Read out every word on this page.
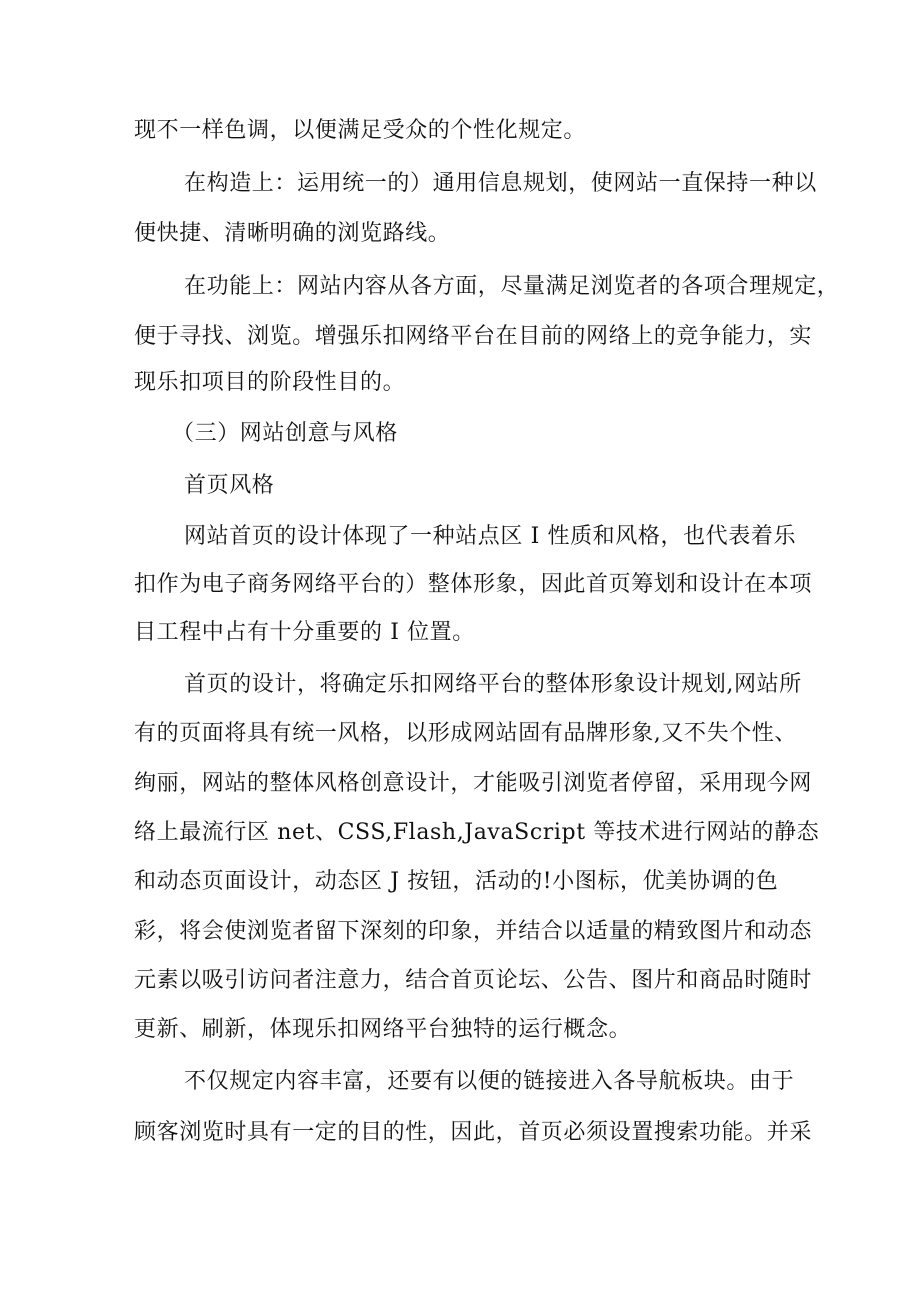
现不一样色调，以便满足受众的个性化规定。
在构造上：运用统一的）通用信息规划，使网站一直保持一种以
便快捷、清晰明确的浏览路线。
在功能上：网站内容从各方面，尽量满足浏览者的各项合理规定，
便于寻找、浏览。增强乐扣网络平台在目前的网络上的竞争能力，实
现乐扣项目的阶段性目的。
（三）网站创意与风格
首页风格
网站首页的设计体现了一种站点区 I 性质和风格，也代表着乐
扣作为电子商务网络平台的）整体形象，因此首页筹划和设计在本项
目工程中占有十分重要的 I 位置。
首页的设计，将确定乐扣网络平台的整体形象设计规划,网站所
有的页面将具有统一风格，以形成网站固有品牌形象,又不失个性、
绚丽，网站的整体风格创意设计，才能吸引浏览者停留，采用现今网
络上最流行区 net、CSS,Flash,JavaScript 等技术进行网站的静态
和动态页面设计，动态区 J 按钮，活动的!小图标，优美协调的色
彩，将会使浏览者留下深刻的印象，并结合以适量的精致图片和动态
元素以吸引访问者注意力，结合首页论坛、公告、图片和商品时随时
更新、刷新，体现乐扣网络平台独特的运行概念。
不仅规定内容丰富，还要有以便的链接进入各导航板块。由于
顾客浏览时具有一定的目的性，因此，首页必须设置搜索功能。并采
